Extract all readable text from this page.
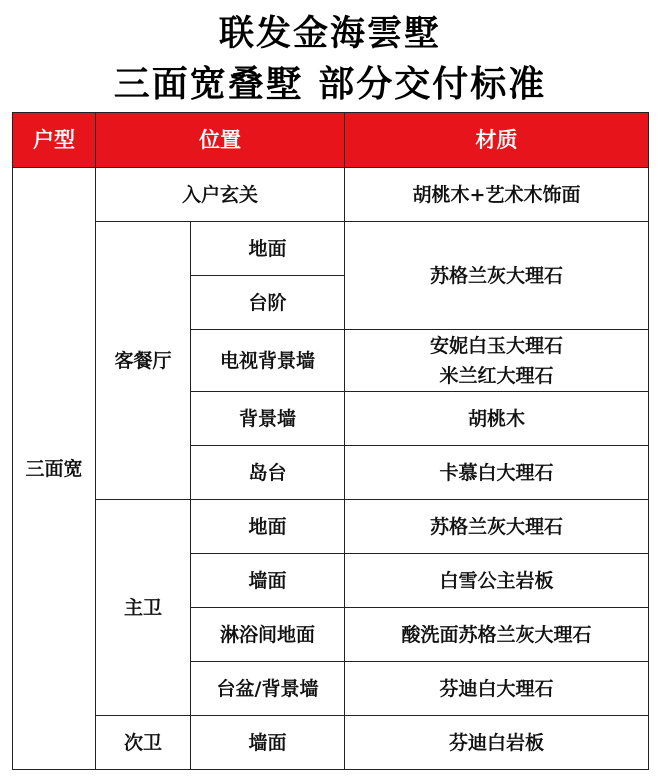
联发金海雲墅
三面宽叠墅 部分交付标准
户型	位置		材质
三面宽	入户玄关		胡桃木+艺术木饰面
	客餐厅	地面	苏格兰灰大理石
		台阶	
		电视背景墙	安妮白玉大理石
米兰红大理石

		背景墙	胡桃木
		岛台	卡慕白大理石
	主卫	地面	苏格兰灰大理石
		墙面	白雪公主岩板
		淋浴间地面	酸洗面苏格兰灰大理石
		台盆/背景墙	芬迪白大理石
	次卫	墙面	芬迪白岩板
